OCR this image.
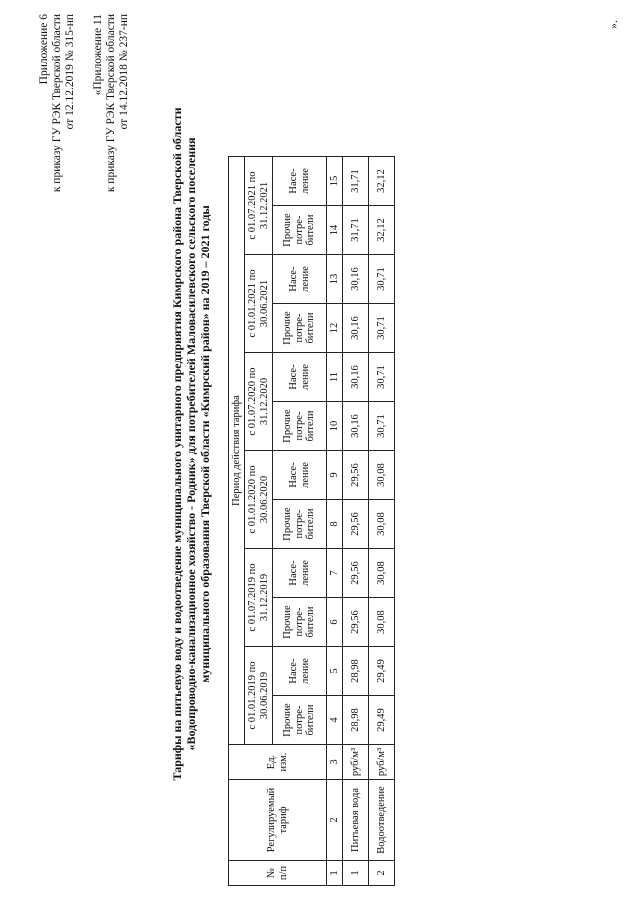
Приложение 6 к приказу ГУ РЭК Тверской области от 12.12.2019 № 315-нп «Приложение 11 к приказу ГУ РЭК Тверской области от 14.12.2018 № 237-нп
Тарифы на питьевую воду и водоотведение муниципального унитарного предприятия Кимрского района Тверской области «Водопроводно-канализационное хозяйство - Родник» для потребителей Маловасилевского сельского поселения муниципального образования Тверской области «Кимрский район» на 2019 – 2021 годы
№ п/п	Регулируемый тариф	Ед. изм.	Период действия тарифа											
			с 01.01.2019 по 30.06.2019		с 01.07.2019 по 31.12.2019		с 01.01.2020 по 30.06.2020		с 01.07.2020 по 31.12.2020		с 01.01.2021 по 30.06.2021		с 01.07.2021 по 31.12.2021	
			Прочие потре-бители	Насе-ление	Прочие потре-бители	Насе-ление	Прочие потре-бители	Насе-ление	Прочие потре-бители	Насе-ление	Прочие потре-бители	Насе-ление	Прочие потре-бители	Насе-ление
1	2	3	4	5	6	7	8	9	10	11	12	13	14	15
1	Питьевая вода	руб/м³	28,98	28,98	29,56	29,56	29,56	29,56	30,16	30,16	30,16	30,16	31,71	31,71
2	Водоотведение	руб/м³	29,49	29,49	30,08	30,08	30,08	30,08	30,71	30,71	30,71	30,71	32,12	32,12
».
